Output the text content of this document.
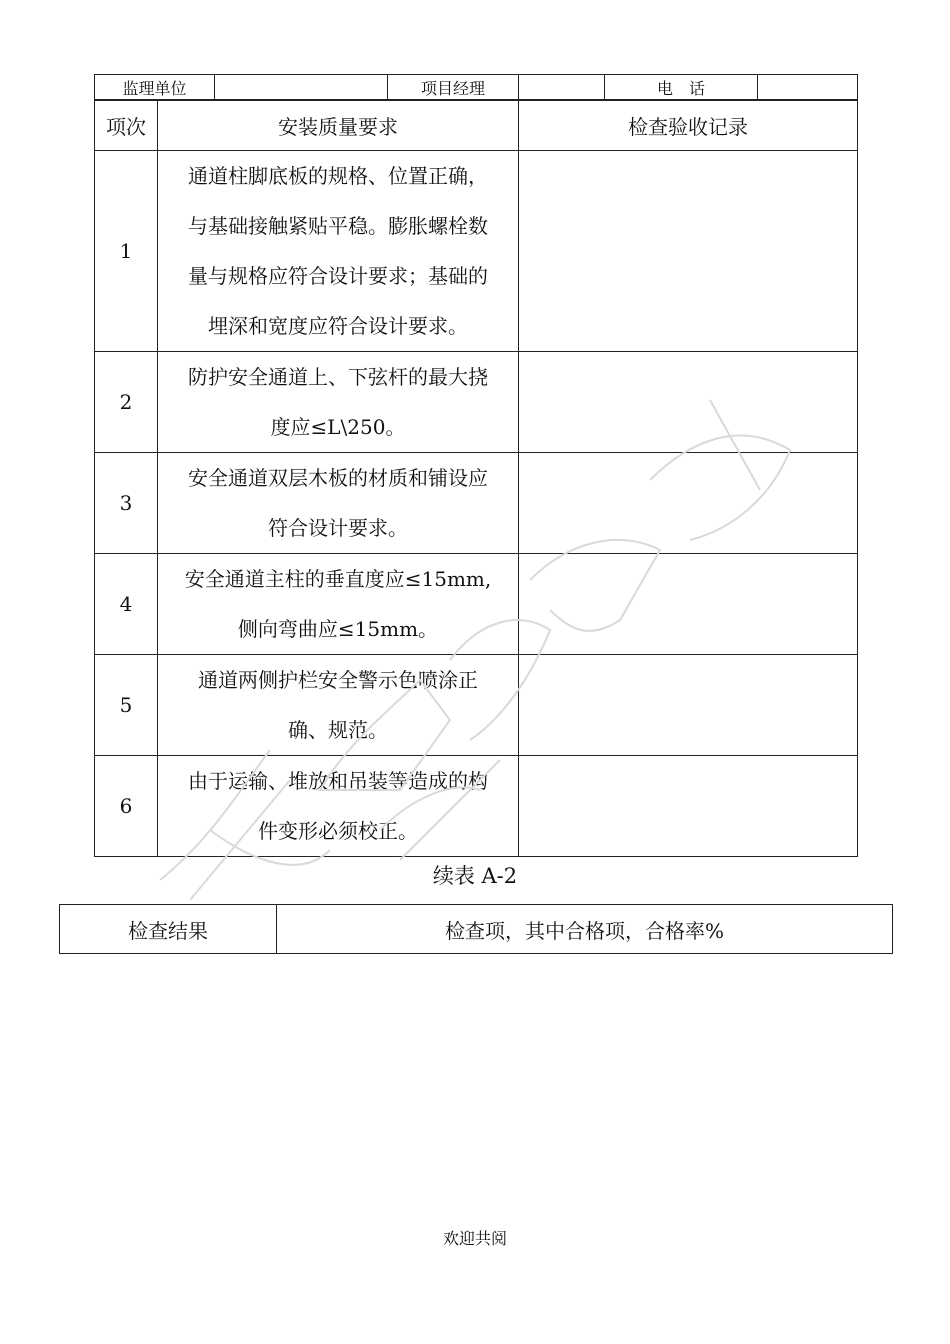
监理单位		项目经理		电　话	
项次	安装质量要求	检查验收记录
1	通道柱脚底板的规格、位置正确，
与基础接触紧贴平稳。膨胀螺栓数
量与规格应符合设计要求；基础的
埋深和宽度应符合设计要求。	

2	防护安全通道上、下弦杆的最大挠
度应≤L\250。	

3	安全通道双层木板的材质和铺设应
符合设计要求。	

4	安全通道主柱的垂直度应≤15mm,
侧向弯曲应≤15mm。	

5	通道两侧护栏安全警示色喷涂正
确、规范。	

6	由于运输、堆放和吊装等造成的构
件变形必须校正。	

续表 A-2
检查结果	检查项，其中合格项，合格率%
欢迎共阅
